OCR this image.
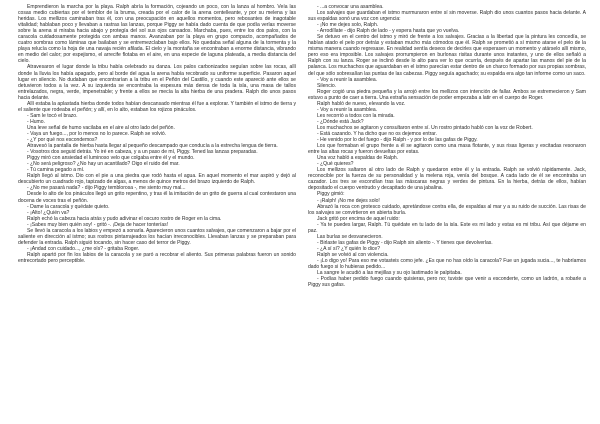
Emprendieron la marcha por la playa. Ralph abría la formación, cojeando un poco, con la lanza al hombro. Veía las cosas medio cubiertas por el temblor de la bruma, creada por el calor de la arena centelleante, y por su melena y las heridas. Los mellizos caminaban tras él, con una preocupación en aquellos momentos, pero rebosantes de inagotable vitalidad; hablaban poco y llevaban a rastras las lanzas, porque Piggy se había dado cuenta de que podía verlas moverse sobre la arena si miraba hacia abajo y protegía del sol sus ojos cansados. Marchaba, pues, entre los dos palos, con la caracola cuidadosamente protegida con ambas manos. Avanzaban por la playa en grupo compacto, acompañados de cuatro sombras como láminas que bailaban y se entremezclaban bajo ellos. No quedaba señal alguna de la tormenta y la playa relucía como la hoja de una navaja recién afilada. El cielo y la montaña se encontraban a enorme distancia, vibrando en medio del calor; por espejismo, el arrecife flotaba en el aire, en una especie de laguna plateada, a media distancia del cielo.

Atravesaron el lugar donde la tribu había celebrado su danza. Los palos carbonizados seguían sobre las rocas, allí donde la lluvia los había apagado, pero al borde del agua la arena había recobrado su uniforme superficie. Pasaron aquel lugar en silencio. No dudaban que encontrarían a la tribu en el Peñón del Castillo, y cuando este apareció ante ellos se detuvieron todos a la vez. A su izquierda se encontraba la espesura más densa de toda la isla, una masa de tallos entrelazados, negra, verde, impenetrable; y frente a ellos se mecía la alta hierba de una pradera. Ralph dio unos pasos hacia delante.

Allí estaba la aplastada hierba donde todos habían descansado mientras él fue a explorar. Y también el istmo de tierra y el saliente que rodeaba el peñón; y allí, en lo alto, estaban los rojizos pináculos.

- Sam le tocó el brazo.

- Humo.

Una leve señal de humo vacilaba en el aire al otro lado del peñón.

- Vaya un fuego..., por lo menos no lo parece. Ralph se volvió.

- ¿Y por qué nos escondemos?

Atravesó la pantalla de hierba hasta llegar al pequeño descampado que conducía a la estrecha lengua de tierra.

- Vosotros dos seguid detrás. Yo iré en cabeza, y a un paso de mí, Piggy. Tened las lanzas preparadas.

Piggy miró con ansiedad el luminoso velo que colgaba entre él y el mundo.

- ¿No será peligroso? ¿No hay un acantilado? Oigo el ruido del mar.

- Tú camina pegado a mí.

Ralph llegó al istmo. Dio con el pie a una piedra que rodó hasta el agua. En aquel momento el mar aspiró y dejó al descubierto un cuadrado rojo, tapizado de algas, a menos de quince metros del brazo izquierdo de Ralph.

- ¿No me pasará nada? - dijo Piggy temblorosa -, me siento muy mal...

Desde lo alto de los pináculos llegó un grito repentino, y tras él la imitación de un grito de guerra al cual contestaron una docena de voces tras el peñón.

- Dame la caracola y quédate quieto.

- ¡Alto! ¿Quién va?

Ralph echó la cabeza hacia atrás y pudo adivinar el oscuro rostro de Roger en la cima.

- ¡Sabes muy bien quién soy! - gritó -. ¡Deja de hacer tonterías!

Se llevó la caracola a los labios y empezó a sonarla. Aparecieron unos cuantos salvajes, que comenzaron a bajar por el saliente en dirección al istmo; sus rostros pintarrajeados los hacían irreconocibles. Llevaban lanzas y se preparaban para defender la entrada. Ralph siguió tocando, sin hacer caso del terror de Piggy.

- ¡Andad con cuidado..., ¿me oís? - gritaba Roger.

Ralph apartó por fin los labios de la caracola y se paró a recobrar el aliento. Sus primeras palabras fueron un sonido entrecortado pero perceptible.

- ...a convocar una asamblea.

Los salvajes que guardaban el istmo murmuraron entre sí sin moverse. Ralph dio unos cuantos pasos hacia delante. A sus espaldas sonó una voz con urgencia:

- ¡No me dejes solo, Ralph.

- Arrodíllate - dijo Ralph de lado - y espera hasta que yo vuelva.

Se detuvo en el centro del istmo y miró de frente a los salvajes. Gracias a la libertad que la pintura les concedía, se habían atado el pelo por detrás y estaban mucho más cómodos que él. Ralph se prometió a sí mismo atarse el pelo de la misma manera cuando regresase. En realidad sentía deseos de decirles que esperasen un momento y atárselo allí mismo, pero eso era imposible. Los salvajes prorrumpieron en burlonas risitas durante unos instantes, y uno de ellos señaló a Ralph con su lanza. Roger se inclinó desde lo alto para ver lo que ocurría, después de apartar las manos del pie de la palanca. Los muchachos que aguardaban en el istmo parecían estar dentro de un charco formado por sus propias sombras, del que sólo sobresalían las puntas de las cabezas. Piggy seguía agachado; su espalda era algo tan informe como un saco.

- Voy a reunir la asamblea.

Silencio.

Roger cogió una piedra pequeña y la arrojó entre los mellizos con intención de fallar. Ambos se estremecieron y Sam estuvo a punto de caer a tierra. Una extraña sensación de poder empezaba a latir en el cuerpo de Roger.

Ralph habló de nuevo, elevando la voz.

- Voy a reunir la asamblea.

Les recorrió a todos con la mirada.

- ¿Dónde está Jack?

Los muchachos se agitaron y consultaron entre sí. Un rostro pintado habló con la voz de Robert.

- Está cazando. Y ha dicho que no os dejemos entrar.

- He venido por lo del fuego - dijo Ralph - y por lo de las gafas de Piggy.

Los que formaban el grupo frente a él se agitaron como una masa flotante, y sus risas ligeras y excitadas resonaron entre las altas rocas y fueron devueltas por estas.

Una voz habló a espaldas de Ralph.

- ¿Qué quieres?

Los mellizos saltaron al otro lado de Ralph y quedaron entre él y la entrada. Ralph se volvió rápidamente. Jack, reconocible por la fuerza de su personalidad y la melena roja, venía del bosque. A cada lado de él se encontraba un cazador. Los tres se escondían tras las máscaras negras y verdes de pintura. En la hierba, detrás de ellos, habían depositado el cuerpo ventrudo y decapitado de una jabalina.

Piggy gimió:

- ¡Ralph! ¡No me dejes solo!

Abrazó la roca con grotesco cuidado, apretándose contra ella, de espaldas al mar y a su ruido de succión. Las risas de los salvajes se convirtieron en abierta burla.

Jack gritó por encima de aquel ruido:

- Ya te puedes largar, Ralph. Tú quédate en tu lado de la isla. Este es mi lado y estas es mi tribu. Así que déjame en paz.

Las burlas se desvanecieron.

- Birlaste las gafas de Piggy - dijo Ralph sin aliento -. Y tienes que devolverlas.

- ¿A sí sí? ¿Y quién lo dice?

Ralph se volvió al con violencia.

- ¡Lo digo yo! Para eso me votasteis como jefe. ¿Es que no has oído la caracola? Fue un jugada sucia..., te habríamos dado fuego si lo hubieras pedido...

La sangre le acudió a las mejillas y su ojo lastimado le palpitaba.

- Podías haber pedido fuego cuando quisieras, pero no; tuviste que venir a esconderte, como un ladrón, a robarle a Piggy sus gafas.
